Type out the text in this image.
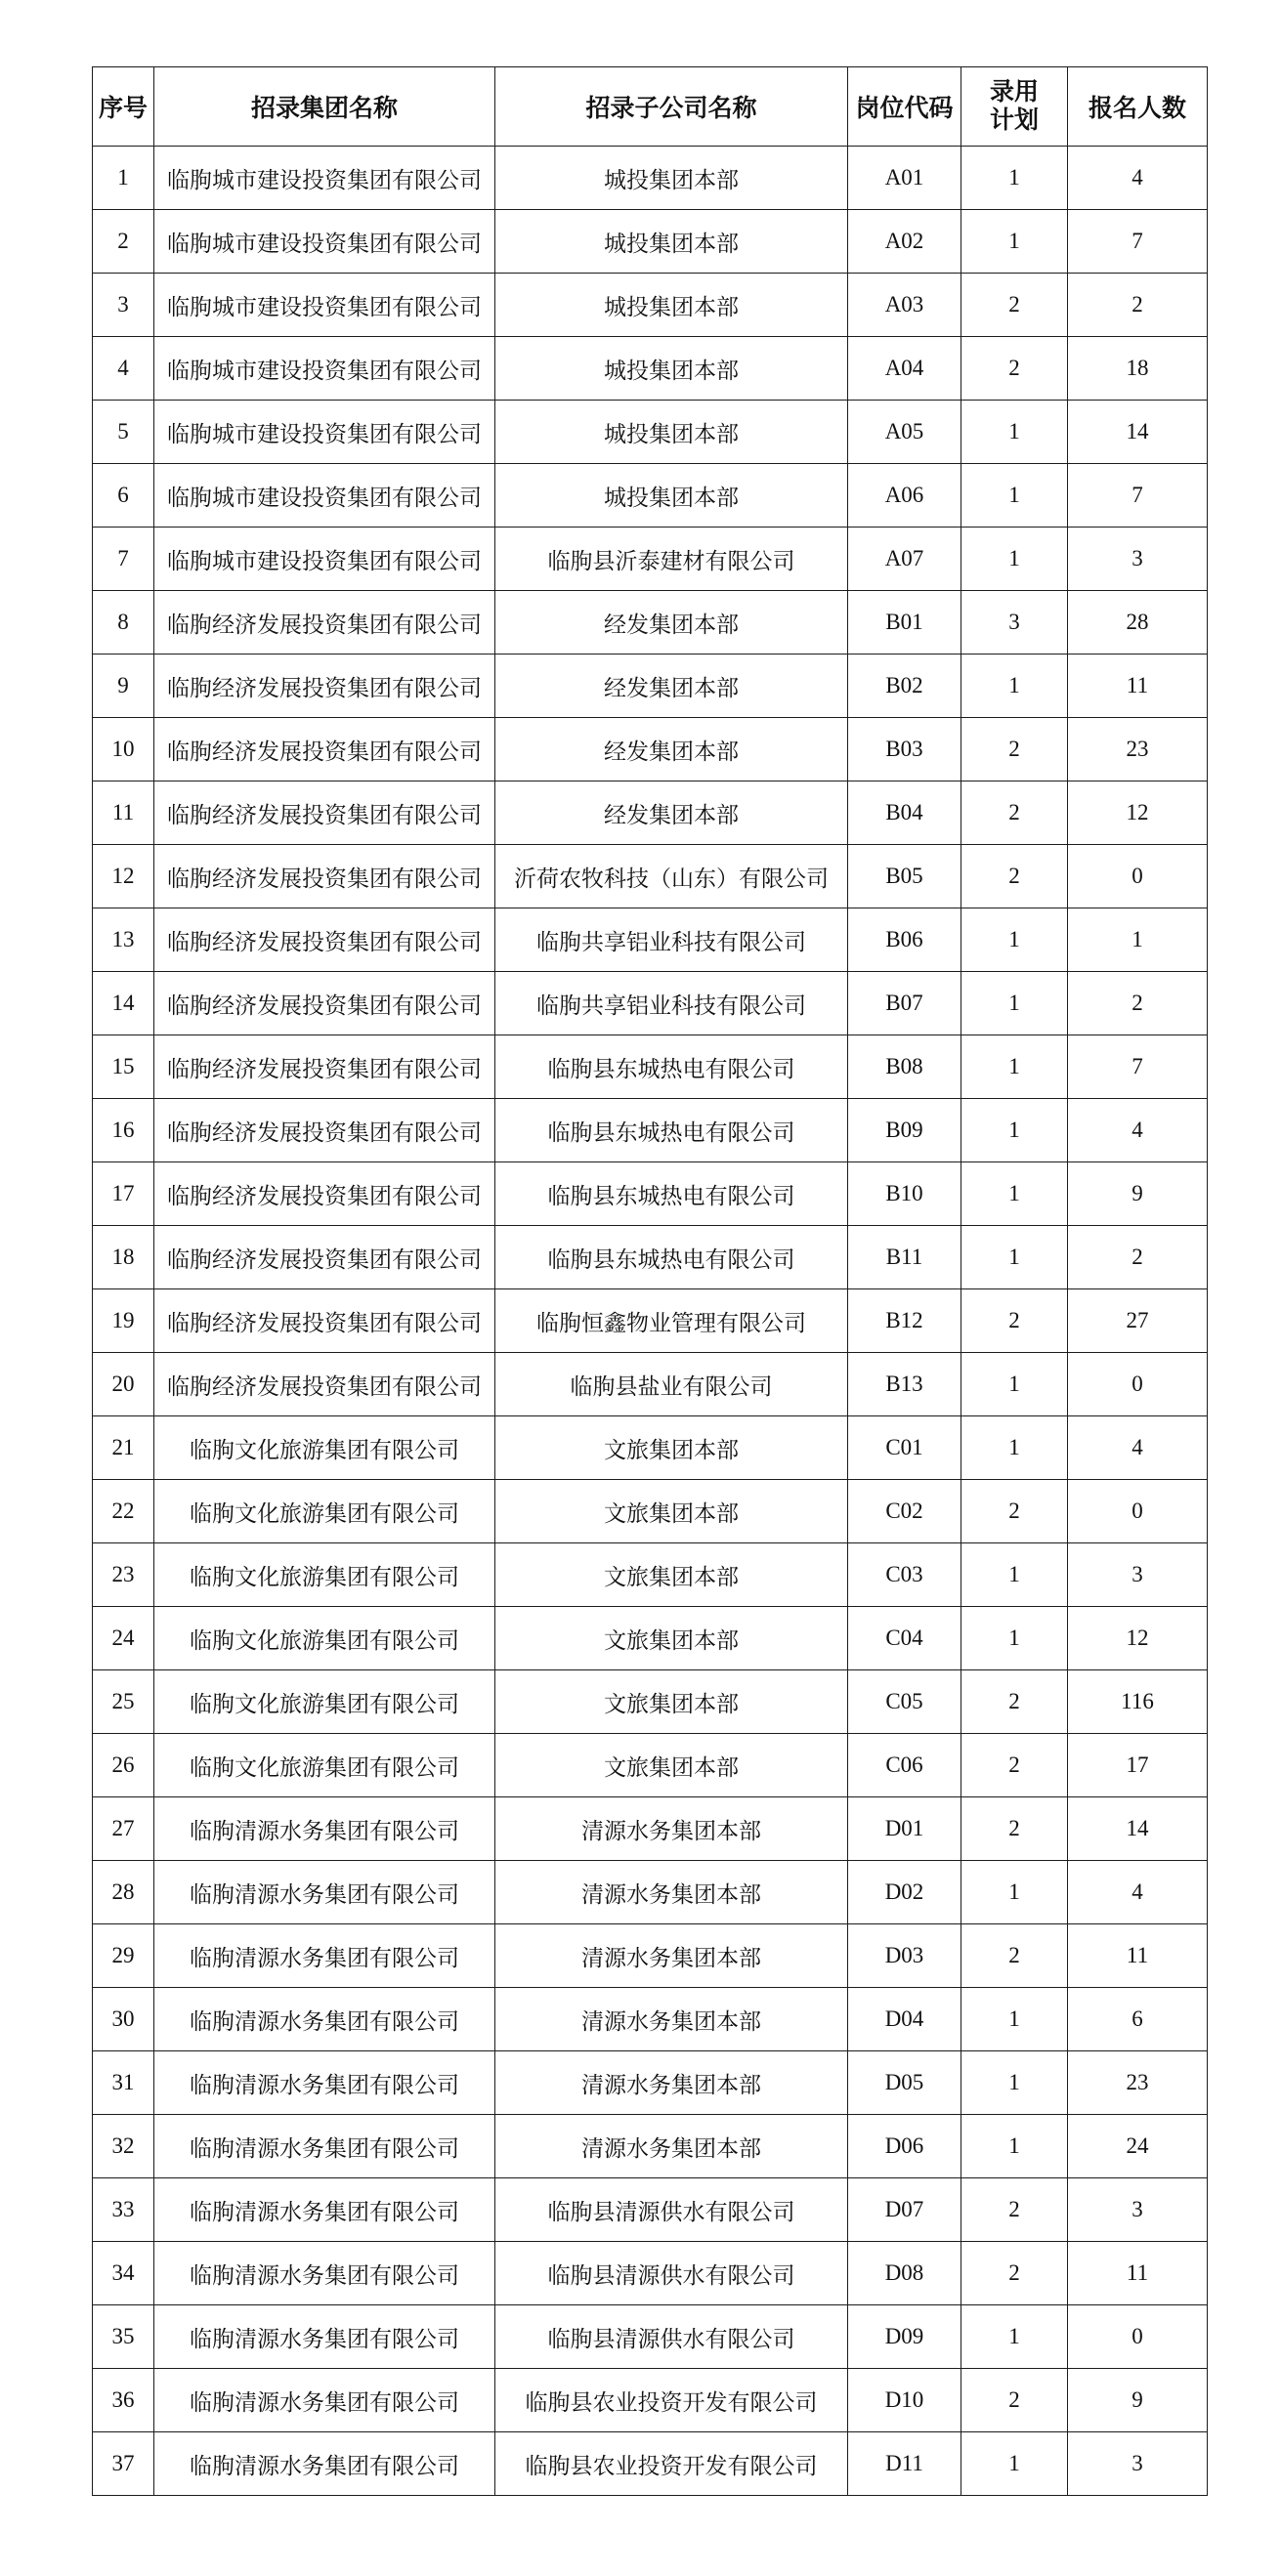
序号	招录集团名称	招录子公司名称	岗位代码	录用计划	报名人数
1	临朐城市建设投资集团有限公司	城投集团本部	A01	1	4
2	临朐城市建设投资集团有限公司	城投集团本部	A02	1	7
3	临朐城市建设投资集团有限公司	城投集团本部	A03	2	2
4	临朐城市建设投资集团有限公司	城投集团本部	A04	2	18
5	临朐城市建设投资集团有限公司	城投集团本部	A05	1	14
6	临朐城市建设投资集团有限公司	城投集团本部	A06	1	7
7	临朐城市建设投资集团有限公司	临朐县沂泰建材有限公司	A07	1	3
8	临朐经济发展投资集团有限公司	经发集团本部	B01	3	28
9	临朐经济发展投资集团有限公司	经发集团本部	B02	1	11
10	临朐经济发展投资集团有限公司	经发集团本部	B03	2	23
11	临朐经济发展投资集团有限公司	经发集团本部	B04	2	12
12	临朐经济发展投资集团有限公司	沂荷农牧科技（山东）有限公司	B05	2	0
13	临朐经济发展投资集团有限公司	临朐共享铝业科技有限公司	B06	1	1
14	临朐经济发展投资集团有限公司	临朐共享铝业科技有限公司	B07	1	2
15	临朐经济发展投资集团有限公司	临朐县东城热电有限公司	B08	1	7
16	临朐经济发展投资集团有限公司	临朐县东城热电有限公司	B09	1	4
17	临朐经济发展投资集团有限公司	临朐县东城热电有限公司	B10	1	9
18	临朐经济发展投资集团有限公司	临朐县东城热电有限公司	B11	1	2
19	临朐经济发展投资集团有限公司	临朐恒鑫物业管理有限公司	B12	2	27
20	临朐经济发展投资集团有限公司	临朐县盐业有限公司	B13	1	0
21	临朐文化旅游集团有限公司	文旅集团本部	C01	1	4
22	临朐文化旅游集团有限公司	文旅集团本部	C02	2	0
23	临朐文化旅游集团有限公司	文旅集团本部	C03	1	3
24	临朐文化旅游集团有限公司	文旅集团本部	C04	1	12
25	临朐文化旅游集团有限公司	文旅集团本部	C05	2	116
26	临朐文化旅游集团有限公司	文旅集团本部	C06	2	17
27	临朐清源水务集团有限公司	清源水务集团本部	D01	2	14
28	临朐清源水务集团有限公司	清源水务集团本部	D02	1	4
29	临朐清源水务集团有限公司	清源水务集团本部	D03	2	11
30	临朐清源水务集团有限公司	清源水务集团本部	D04	1	6
31	临朐清源水务集团有限公司	清源水务集团本部	D05	1	23
32	临朐清源水务集团有限公司	清源水务集团本部	D06	1	24
33	临朐清源水务集团有限公司	临朐县清源供水有限公司	D07	2	3
34	临朐清源水务集团有限公司	临朐县清源供水有限公司	D08	2	11
35	临朐清源水务集团有限公司	临朐县清源供水有限公司	D09	1	0
36	临朐清源水务集团有限公司	临朐县农业投资开发有限公司	D10	2	9
37	临朐清源水务集团有限公司	临朐县农业投资开发有限公司	D11	1	3
